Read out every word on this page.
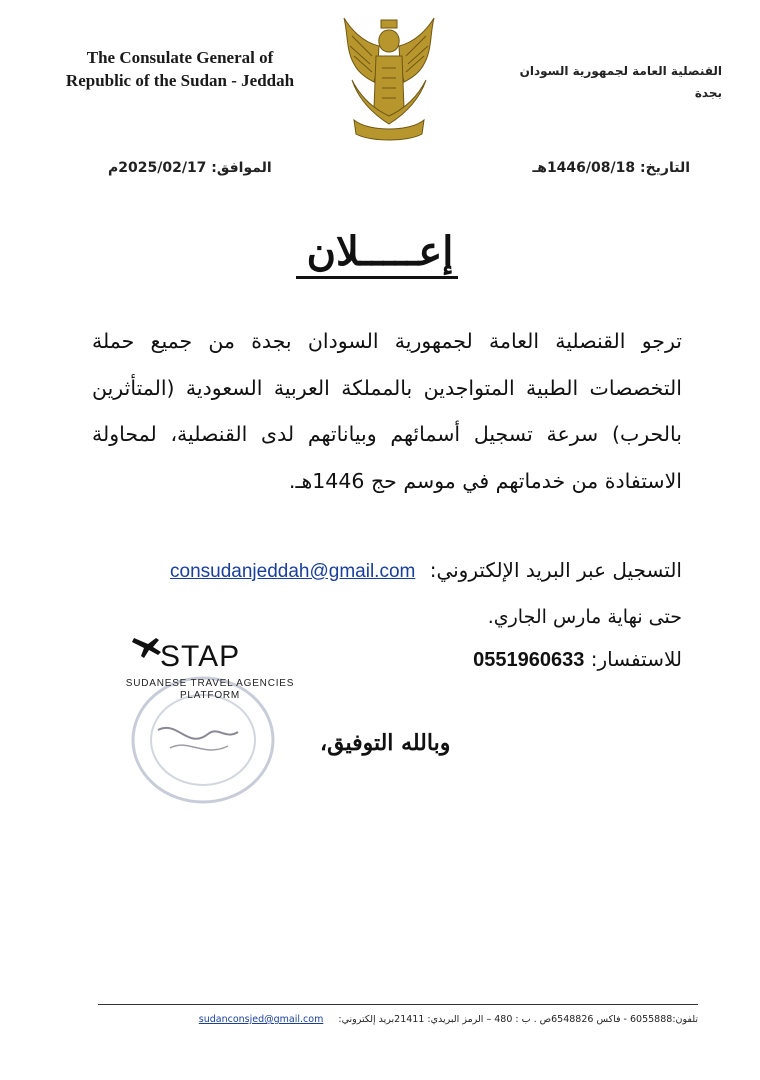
The Consulate General of
Republic of the Sudan - Jeddah	القنصلية العامة لجمهورية السودان
بجدة
التاريخ: 1446/08/18هـ
الموافق: 2025/02/17م
إعـــــلان
ترجو القنصلية العامة لجمهورية السودان بجدة من جميع حملة التخصصات الطبية المتواجدين بالمملكة العربية السعودية (المتأثرين بالحرب) سرعة تسجيل أسمائهم وبياناتهم لدى القنصلية، لمحاولة الاستفادة من خدماتهم في موسم حج 1446هـ.
التسجيل عبر البريد الإلكتروني: consudanjeddah@gmail.com
حتى نهاية مارس الجاري.
للاستفسار: 0551960633
STAP
SUDANESE TRAVEL AGENCIES PLATFORM
وبالله التوفيق،
تلفون:6055888 - فاكس 6548826ص . ب : 480 – الرمز البريدي: 21411بريد إلكتروني: sudanconsjed@gmail.com
